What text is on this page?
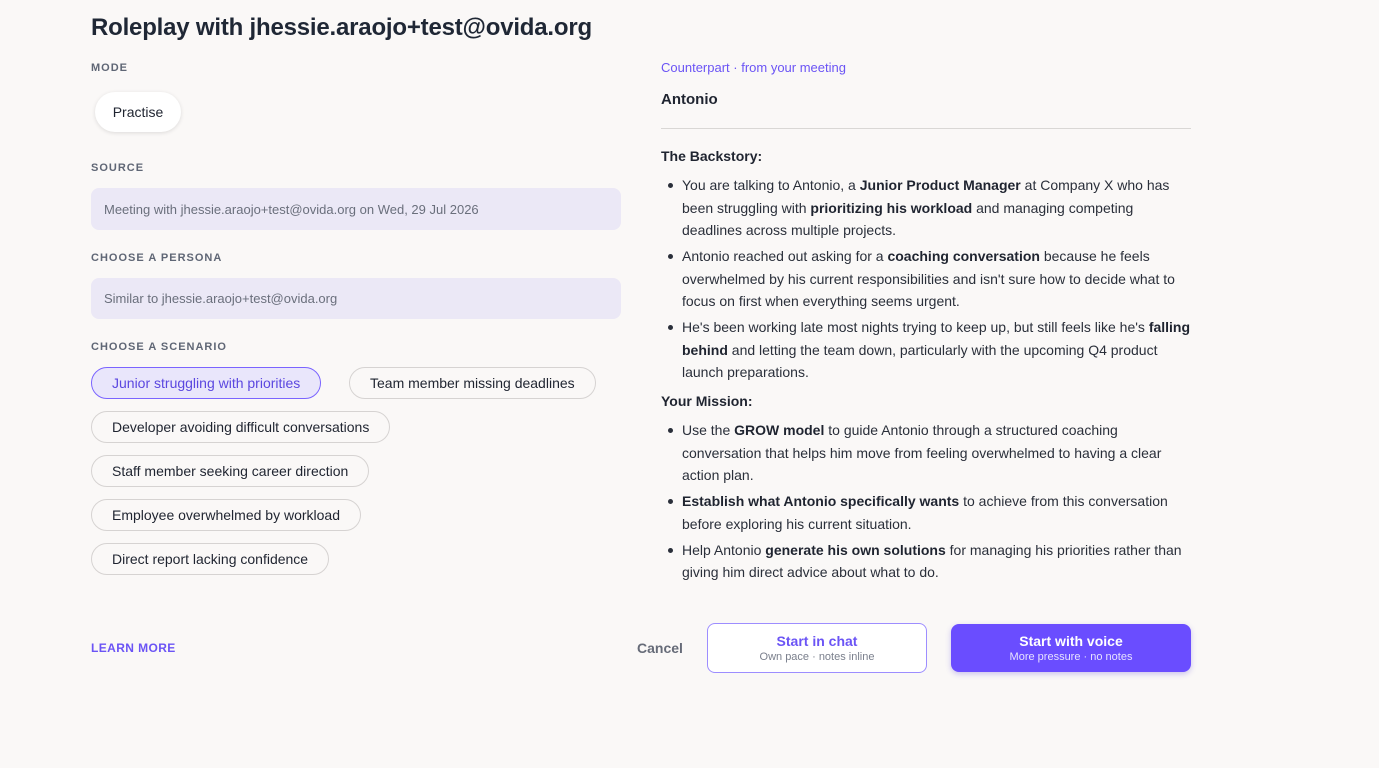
Roleplay with jhessie.araojo+test@ovida.org
MODE
Practise
SOURCE
Meeting with jhessie.araojo+test@ovida.org on Wed, 29 Jul 2026
CHOOSE A PERSONA
Similar to jhessie.araojo+test@ovida.org
CHOOSE A SCENARIO
Junior struggling with priorities	Team member missing deadlines
Developer avoiding difficult conversations
Staff member seeking career direction
Employee overwhelmed by workload
Direct report lacking confidence
LEARN MORE
Counterpart · from your meeting
Antonio
The Backstory:
You are talking to Antonio, a Junior Product Manager at Company X who has been struggling with prioritizing his workload and managing competing deadlines across multiple projects.
Antonio reached out asking for a coaching conversation because he feels overwhelmed by his current responsibilities and isn't sure how to decide what to focus on first when everything seems urgent.
He's been working late most nights trying to keep up, but still feels like he's falling behind and letting the team down, particularly with the upcoming Q4 product launch preparations.
Your Mission:
Use the GROW model to guide Antonio through a structured coaching conversation that helps him move from feeling overwhelmed to having a clear action plan.
Establish what Antonio specifically wants to achieve from this conversation before exploring his current situation.
Help Antonio generate his own solutions for managing his priorities rather than giving him direct advice about what to do.
Cancel	Start in chat
Own pace · notes inline
Start with voice
More pressure · no notes
